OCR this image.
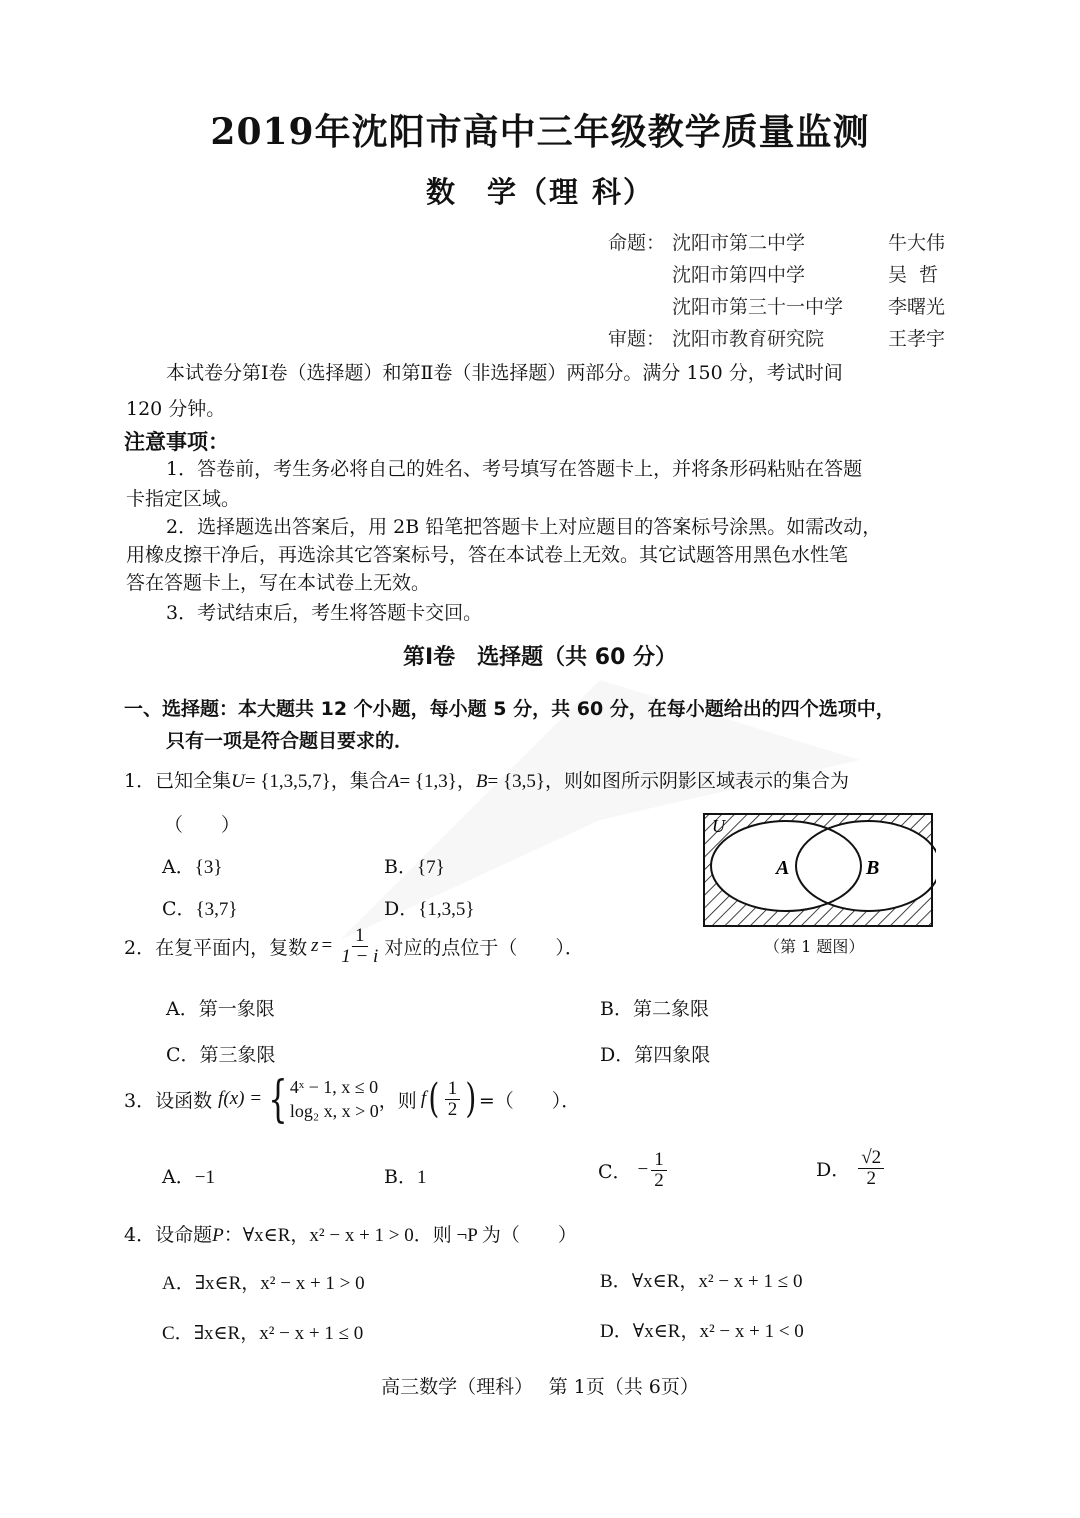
2019年沈阳市高中三年级教学质量监测
数 学（理 科）
命题： 沈阳市第二中学	牛大伟
沈阳市第四中学	吴  哲
沈阳市第三十一中学 李曙光
审题： 沈阳市教育研究院	王孝宇
本试卷分第Ⅰ卷（选择题）和第Ⅱ卷（非选择题）两部分。满分 150 分，考试时间
120 分钟。
注意事项：
1．答卷前，考生务必将自己的姓名、考号填写在答题卡上，并将条形码粘贴在答题
卡指定区域。
2．选择题选出答案后，用 2B 铅笔把答题卡上对应题目的答案标号涂黑。如需改动，
用橡皮擦干净后，再选涂其它答案标号，答在本试卷上无效。其它试题答用黑色水性笔
答在答题卡上，写在本试卷上无效。
3．考试结束后，考生将答题卡交回。
第Ⅰ卷　选择题（共 60 分）
一、选择题：本大题共 12 个小题，每小题 5 分，共 60 分，在每小题给出的四个选项中，
只有一项是符合题目要求的．
1．已知全集U= {1,3,5,7}，集合A= {1,3}，B= {3,5}，则如图所示阴影区域表示的集合为
（　　）
A．{3}	B．{7}
C．{3,7}	D．{1,3,5}
U
A	B
（第 1 题图）
2． 在复平面内，复数 $z = \frac{1}{1 - i}$ 对应的点位于（　　）．
A．第一象限	B．第二象限
C．第三象限	D．第四象限
3． 设函数 f(x) = { 4ˣ − 1, x ≤ 0
log₂ x, x > 0 ，则 f ( $\frac{1}{2}$ ) =（　　）．
A．−1	B．1	C． − $\frac{1}{2}$	D． $\frac{√2}{2}$
4．设命题P：∀x∈R，x² − x + 1 > 0．则 ¬P 为（　　）
A．∃x∈R，x² − x + 1 > 0	B．∀x∈R，x² − x + 1 ≤ 0
C．∃x∈R，x² − x + 1 ≤ 0	D．∀x∈R，x² − x + 1 < 0
高三数学（理科）　 第 1页（共 6页）
